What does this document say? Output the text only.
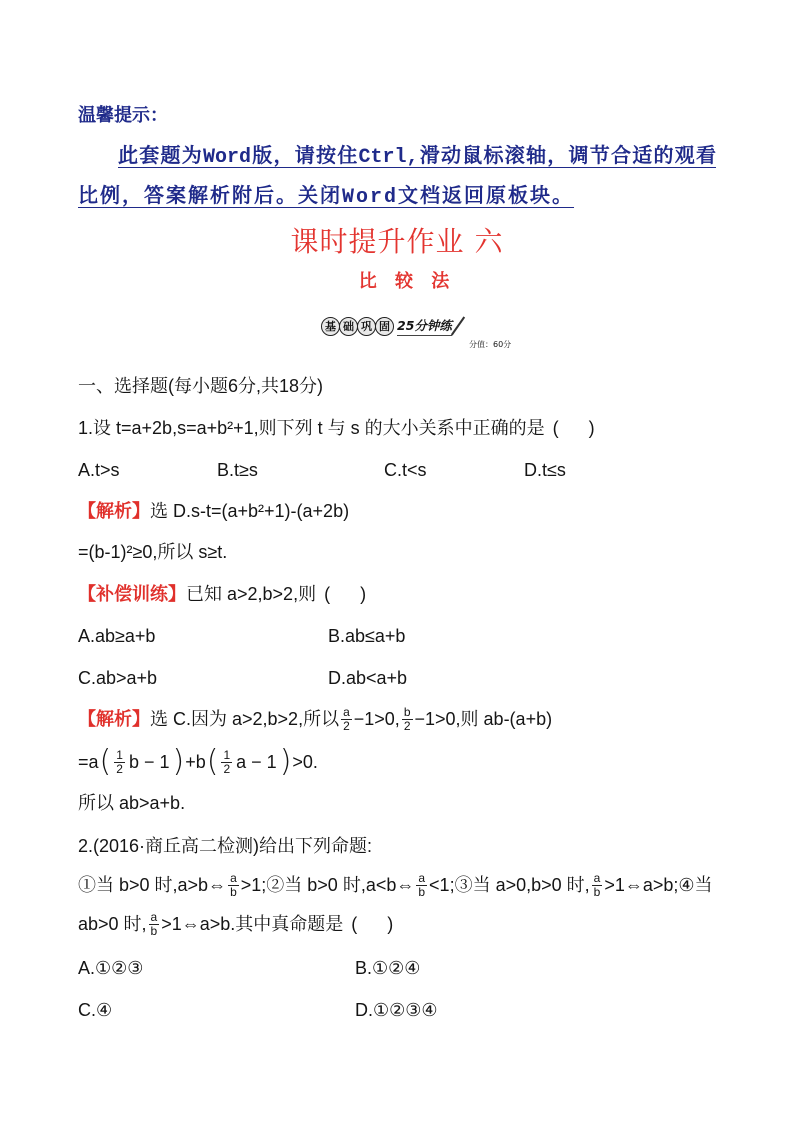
温馨提示：
此套题为Word版，请按住Ctrl,滑动鼠标滚轴，调节合适的观看
比例，答案解析附后。关闭Word文档返回原板块。
课时提升作业 六
比 较 法
基 础 巩 固 25分钟练
分值：60分
一、选择题(每小题6分,共18分)
1.设 t=a+2b,s=a+b²+1,则下列 t 与 s 的大小关系中正确的是 (      )
A.t>s	B.t≥s	C.t<s	D.t≤s
【解析】 选 D.s-t=(a+b²+1)-(a+2b)
=(b-1)²≥0,所以 s≥t.
【补偿训练】 已知 a>2,b>2,则 (      )
A.ab≥a+b	B.ab≤a+b
C.ab>a+b	D.ab<a+b
【解析】 选 C.因为 a>2,b>2,所以 $\frac{a}{2} -1>0$, $\frac{b}{2} -1>0$,则 ab-(a+b)
=a ( $\frac{1}{2}$ b − 1 ) +b ( $\frac{1}{2}$ a − 1 ) >0.
所以 ab>a+b.
2.(2016·商丘高二检测)给出下列命题:
①当 b>0 时,a>b⇔ $\frac{a}{b}$ >1;②当 b>0 时,a<b⇔ $\frac{a}{b}$ <1;③当 a>0,b>0 时, $\frac{a}{b}$ >1⇔a>b;④当
ab>0 时, $\frac{a}{b}$ >1⇔a>b.其中真命题是 (      )
A.①②③	B.①②④
C.④	D.①②③④
